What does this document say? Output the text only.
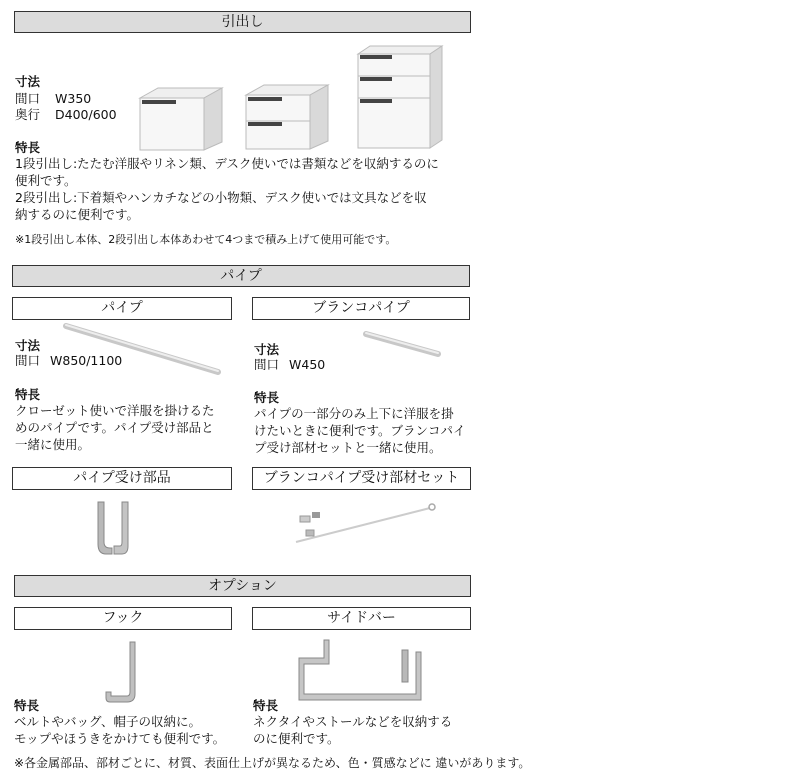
引出し
寸法
間口 W350
奥行 D400/600
特長
1段引出し:たたむ洋服やリネン類、デスク使いでは書類などを収納するのに
便利です。
2段引出し:下着類やハンカチなどの小物類、デスク使いでは文具などを収
納するのに便利です。
※1段引出し本体、2段引出し本体あわせて4つまで積み上げて使用可能です。
パイプ
パイプ	ブランコパイプ
寸法
間口 W850/1100
特長
クローゼット使いで洋服を掛けるた
めのパイプです。パイプ受け部品と
一緒に使用。
寸法
間口 W450
特長
パイプの一部分のみ上下に洋服を掛
けたいときに便利です。ブランコパイ
プ受け部材セットと一緒に使用。
パイプ受け部品	ブランコパイプ受け部材セット
オプション
フック	サイドバー
特長
ベルトやバッグ、帽子の収納に。
モップやほうきをかけても便利です。
特長
ネクタイやストールなどを収納する
のに便利です。
※各金属部品、部材ごとに、材質、表面仕上げが異なるため、色・質感などに 違いがあります。
